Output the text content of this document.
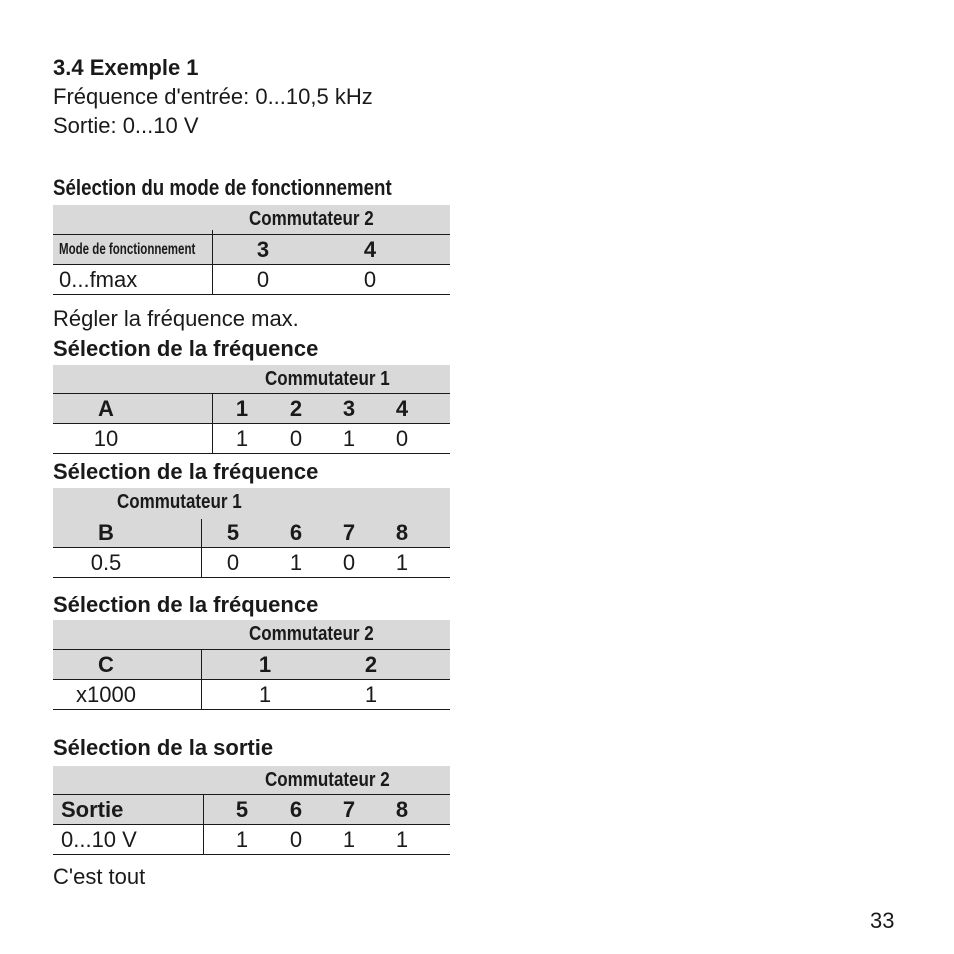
3.4 Exemple 1
Fréquence d'entrée: 0...10,5 kHz
Sortie: 0...10 V
Sélection du mode de fonctionnement
Commutateur 2
Mode de fonctionnement	3	4
0...fmax	0	0
Régler la fréquence max.
Sélection de la fréquence
Commutateur 1
A	1	2	3	4
10	1	0	1	0
Sélection de la fréquence
Commutateur 1
B	5	6	7	8
0.5	0	1	0	1
Sélection de la fréquence
Commutateur 2
C	1	2
x1000	1	1
Sélection de la sortie
Commutateur 2
Sortie	5	6	7	8
0...10 V	1	0	1	1
C'est tout
33
